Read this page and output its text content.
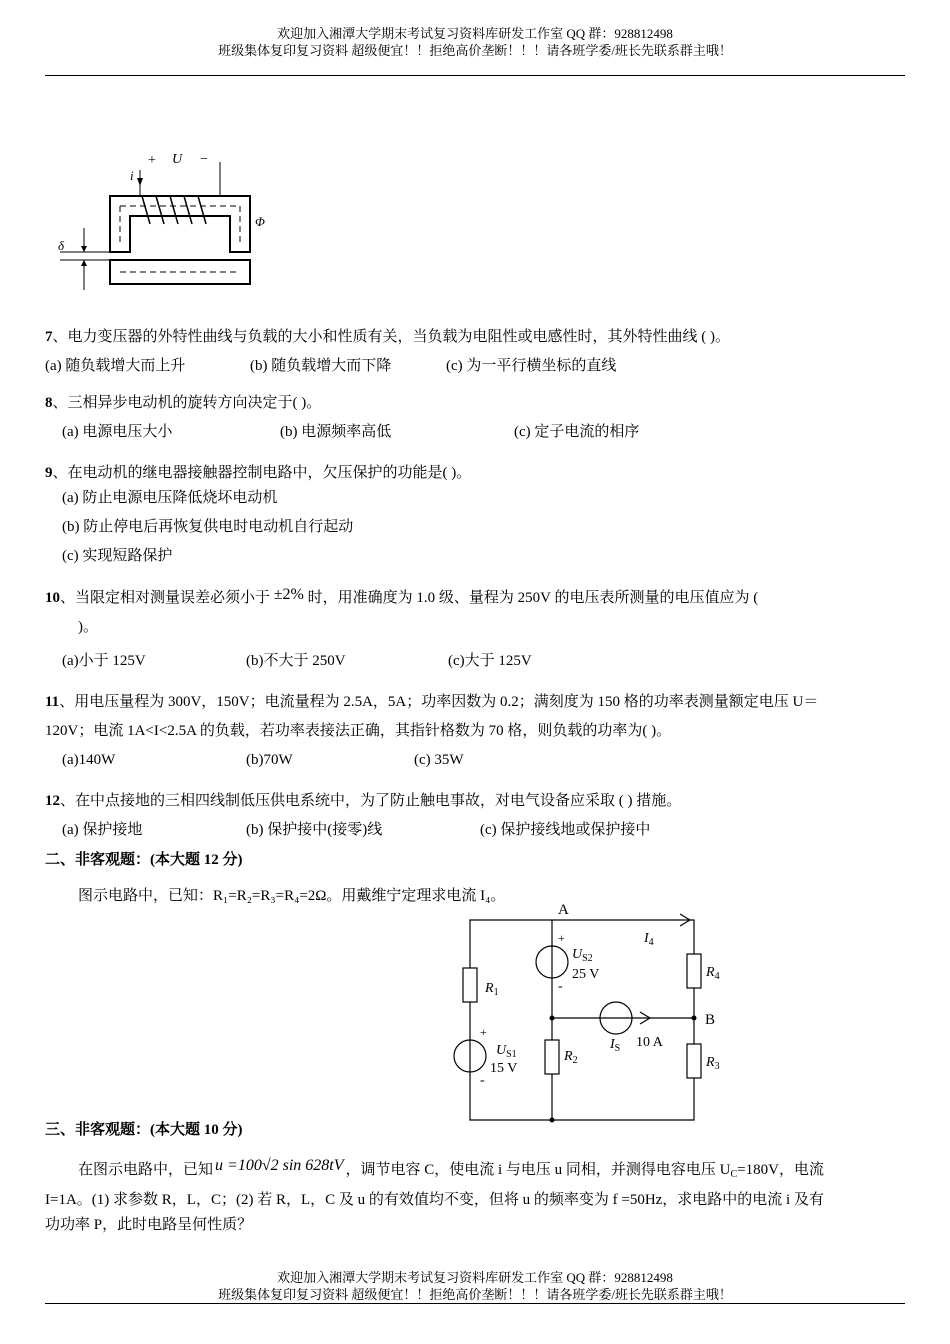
欢迎加入湘潭大学期末考试复习资料库研发工作室 QQ 群：928812498
班级集体复印复习资料 超级便宜！！拒绝高价垄断！！！请各班学委/班长先联系群主哦！
+ U −
i
Φ
δ
7、电力变压器的外特性曲线与负载的大小和性质有关，当负载为电阻性或电感性时，其外特性曲线 ( )。
(a) 随负载增大而上升	(b) 随负载增大而下降	(c) 为一平行横坐标的直线
8、三相异步电动机的旋转方向决定于( )。
(a) 电源电压大小	(b) 电源频率高低	(c) 定子电流的相序
9、在电动机的继电器接触器控制电路中，欠压保护的功能是( )。
(a) 防止电源电压降低烧坏电动机
(b) 防止停电后再恢复供电时电动机自行起动
(c) 实现短路保护
10、当限定相对测量误差必须小于 ±2% 时，用准确度为 1.0 级、量程为 250V 的电压表所测量的电压值应为 (
)。
(a)小于 125V	(b)不大于 250V	(c)大于 125V
11、用电压量程为 300V，150V；电流量程为 2.5A，5A；功率因数为 0.2；满刻度为 150 格的功率表测量额定电压 U＝
120V；电流 1A<I<2.5A 的负载，若功率表接法正确，其指针格数为 70 格，则负载的功率为( )。
(a)140W	(b)70W	(c) 35W
12、在中点接地的三相四线制低压供电系统中，为了防止触电事故，对电气设备应采取 ( ) 措施。
(a) 保护接地	(b) 保护接中(接零)线	(c) 保护接线地或保护接中
二、非客观题：(本大题 12 分)
图示电路中，已知：R₁=R₂=R₃=R₄=2Ω。用戴维宁定理求电流 I₄。
A
B
$I_4$
$R_1$
$R_4$
$R_3$
$R_2$
+
-
$U_{S1}$
15 V
+
-
$U_{S2}$
25 V
$I_S$ 10 A
三、非客观题：(本大题 10 分)
在图示电路中，已知 u =100√2 sin 628tV ，调节电容 C，使电流 i 与电压 u 同相，并测得电容电压 $U_C=180V$，电流
I=1A。(1) 求参数 R，L，C；(2) 若 R，L，C 及 u 的有效值均不变，但将 u 的频率变为 f =50Hz，求电路中的电流 i 及有
功功率 P，此时电路呈何性质？
欢迎加入湘潭大学期末考试复习资料库研发工作室 QQ 群：928812498
班级集体复印复习资料 超级便宜！！拒绝高价垄断！！！请各班学委/班长先联系群主哦！
